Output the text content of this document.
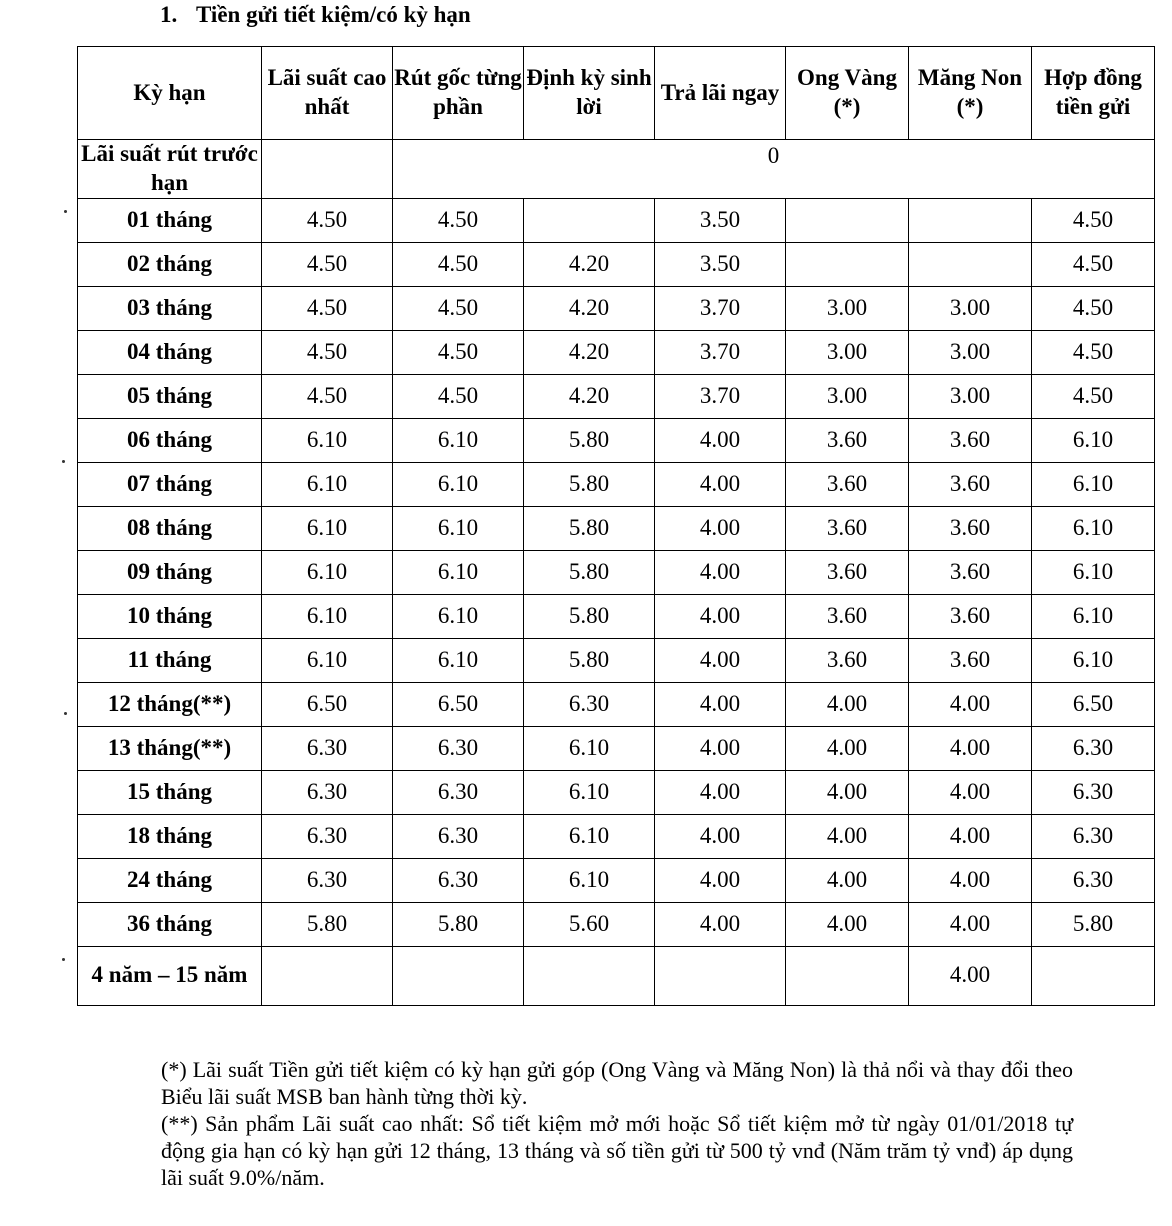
1. Tiền gửi tiết kiệm/có kỳ hạn
Kỳ hạn	Lãi suất cao nhất	Rút gốc từng phần	Định kỳ sinh lời	Trả lãi ngay	Ong Vàng (*)	Măng Non (*)	Hợp đồng tiền gửi
Lãi suất rút trước hạn		0					
01 tháng	4.50	4.50		3.50			4.50
02 tháng	4.50	4.50	4.20	3.50			4.50
03 tháng	4.50	4.50	4.20	3.70	3.00	3.00	4.50
04 tháng	4.50	4.50	4.20	3.70	3.00	3.00	4.50
05 tháng	4.50	4.50	4.20	3.70	3.00	3.00	4.50
06 tháng	6.10	6.10	5.80	4.00	3.60	3.60	6.10
07 tháng	6.10	6.10	5.80	4.00	3.60	3.60	6.10
08 tháng	6.10	6.10	5.80	4.00	3.60	3.60	6.10
09 tháng	6.10	6.10	5.80	4.00	3.60	3.60	6.10
10 tháng	6.10	6.10	5.80	4.00	3.60	3.60	6.10
11 tháng	6.10	6.10	5.80	4.00	3.60	3.60	6.10
12 tháng(**)	6.50	6.50	6.30	4.00	4.00	4.00	6.50
13 tháng(**)	6.30	6.30	6.10	4.00	4.00	4.00	6.30
15 tháng	6.30	6.30	6.10	4.00	4.00	4.00	6.30
18 tháng	6.30	6.30	6.10	4.00	4.00	4.00	6.30
24 tháng	6.30	6.30	6.10	4.00	4.00	4.00	6.30
36 tháng	5.80	5.80	5.60	4.00	4.00	4.00	5.80
4 năm – 15 năm						4.00	

(*) Lãi suất Tiền gửi tiết kiệm có kỳ hạn gửi góp (Ong Vàng và Măng Non) là thả nổi và thay đổi theo Biểu lãi suất MSB ban hành từng thời kỳ.

(**) Sản phẩm Lãi suất cao nhất: Sổ tiết kiệm mở mới hoặc Sổ tiết kiệm mở từ ngày 01/01/2018 tự động gia hạn có kỳ hạn gửi 12 tháng, 13 tháng và số tiền gửi từ 500 tỷ vnđ (Năm trăm tỷ vnđ) áp dụng lãi suất 9.0%/năm.
